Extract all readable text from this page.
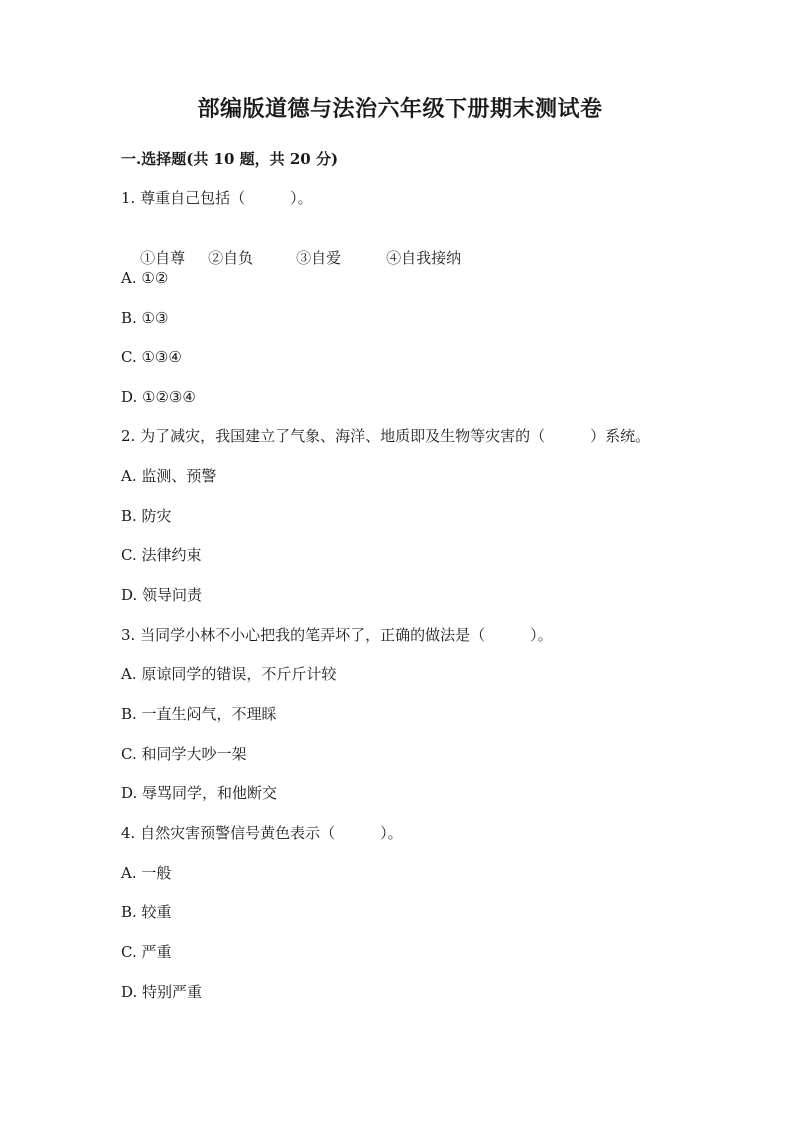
部编版道德与法治六年级下册期末测试卷
一.选择题(共 10 题，共 20 分)
1. 尊重自己包括（　　　）。

①自尊 ②自负	③自爱	④自我接纳

A. ①②
B. ①③
C. ①③④
D. ①②③④
2. 为了减灾，我国建立了气象、海洋、地质即及生物等灾害的（　　　）系统。
A. 监测、预警
B. 防灾
C. 法律约束
D. 领导问责
3. 当同学小林不小心把我的笔弄坏了，正确的做法是（　　　）。
A. 原谅同学的错误，不斤斤计较
B. 一直生闷气，不理睬
C. 和同学大吵一架
D. 辱骂同学，和他断交
4. 自然灾害预警信号黄色表示（　　　）。
A. 一般
B. 较重
C. 严重
D. 特别严重
